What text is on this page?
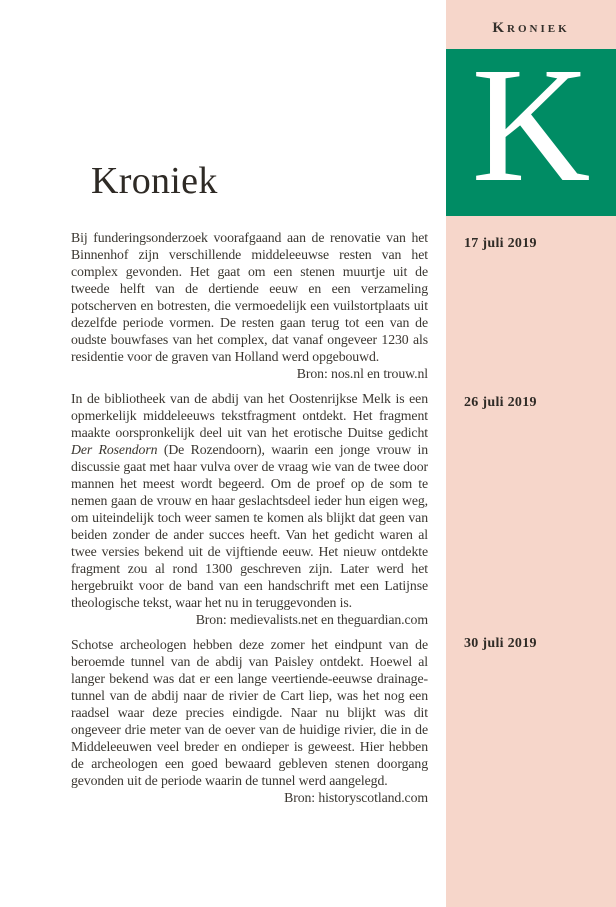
Kroniek
K
17 juli 2019
26 juli 2019
30 juli 2019
Kroniek

Bij funderingsonderzoek voorafgaand aan de renovatie van het Binnenhof zijn verschillende middeleeuwse resten van het complex gevonden. Het gaat om een stenen muurtje uit de tweede helft van de dertiende eeuw en een verzameling potscherven en botresten, die vermoedelijk een vuilstortplaats uit dezelfde periode vormen. De resten gaan terug tot een van de oudste bouwfases van het complex, dat vanaf ongeveer 1230 als residentie voor de graven van Holland werd opgebouwd.

Bron: nos.nl en trouw.nl

In de bibliotheek van de abdij van het Oostenrijkse Melk is een opmerkelijk middeleeuws tekstfragment ontdekt. Het fragment maakte oorspronkelijk deel uit van het erotische Duitse gedicht Der Rosendorn (De Rozendoorn), waarin een jonge vrouw in discussie gaat met haar vulva over de vraag wie van de twee door mannen het meest wordt begeerd. Om de proef op de som te nemen gaan de vrouw en haar geslachtsdeel ieder hun eigen weg, om uiteindelijk toch weer samen te komen als blijkt dat geen van beiden zonder de ander succes heeft. Van het gedicht waren al twee versies bekend uit de vijftiende eeuw. Het nieuw ontdekte fragment zou al rond 1300 geschreven zijn. Later werd het hergebruikt voor de band van een handschrift met een Latijnse theologische tekst, waar het nu in teruggevonden is.

Bron: medievalists.net en theguardian.com

Schotse archeologen hebben deze zomer het eindpunt van de beroemde tunnel van de abdij van Paisley ontdekt. Hoewel al langer bekend was dat er een lange veertiende-eeuwse drainage-tunnel van de abdij naar de rivier de Cart liep, was het nog een raadsel waar deze precies eindigde. Naar nu blijkt was dit ongeveer drie meter van de oever van de huidige rivier, die in de Middeleeuwen veel breder en ondieper is geweest. Hier hebben de archeologen een goed bewaard gebleven stenen doorgang gevonden uit de periode waarin de tunnel werd aangelegd.

Bron: historyscotland.com
